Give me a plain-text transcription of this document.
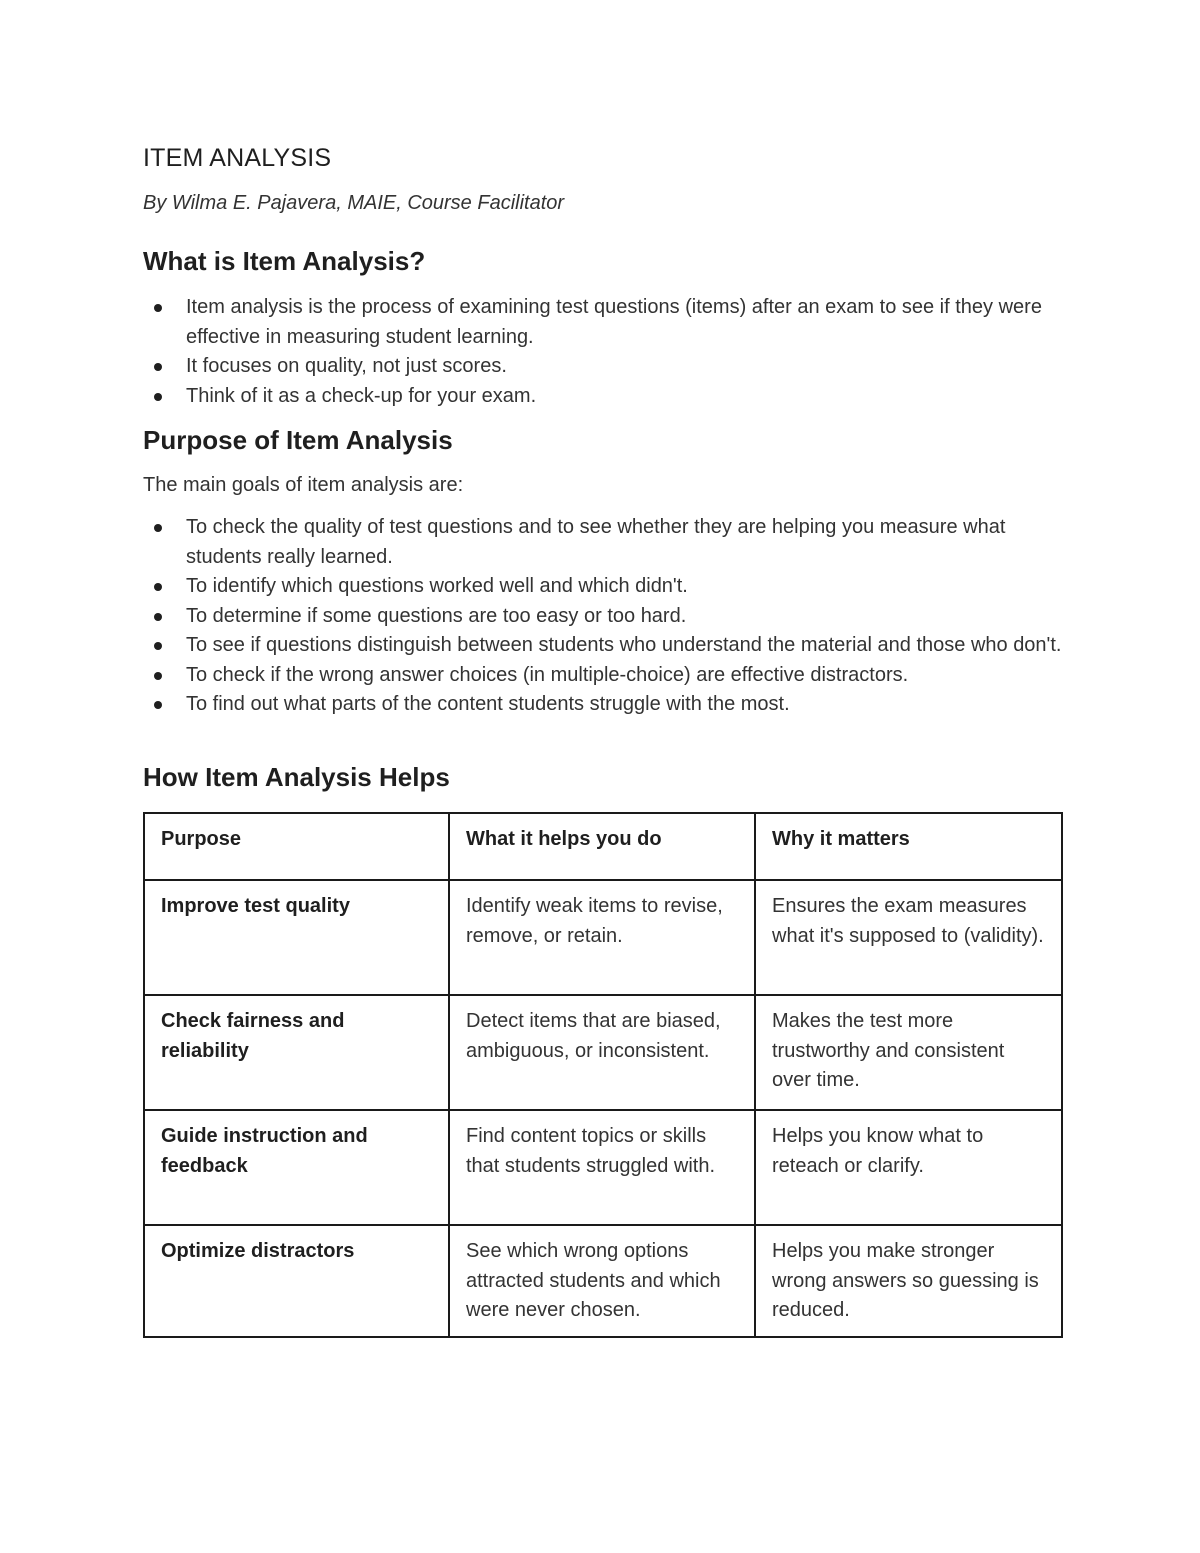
ITEM ANALYSIS

By Wilma E. Pajavera, MAIE, Course Facilitator

What is Item Analysis?
Item analysis is the process of examining test questions (items) after an exam to see if they were effective in measuring student learning.
It focuses on quality, not just scores.
Think of it as a check-up for your exam.
Purpose of Item Analysis

The main goals of item analysis are:

To check the quality of test questions and to see whether they are helping you measure what students really learned.
To identify which questions worked well and which didn't.
To determine if some questions are too easy or too hard.
To see if questions distinguish between students who understand the material and those who don't.
To check if the wrong answer choices (in multiple-choice) are effective distractors.
To find out what parts of the content students struggle with the most.
How Item Analysis Helps
Purpose	What it helps you do	Why it matters
Improve test quality	Identify weak items to revise, remove, or retain.	Ensures the exam measures what it's supposed to (validity).
Check fairness and reliability	Detect items that are biased, ambiguous, or inconsistent.	Makes the test more trustworthy and consistent over time.
Guide instruction and feedback	Find content topics or skills that students struggled with.	Helps you know what to reteach or clarify.
Optimize distractors	See which wrong options attracted students and which were never chosen.	Helps you make stronger wrong answers so guessing is reduced.
